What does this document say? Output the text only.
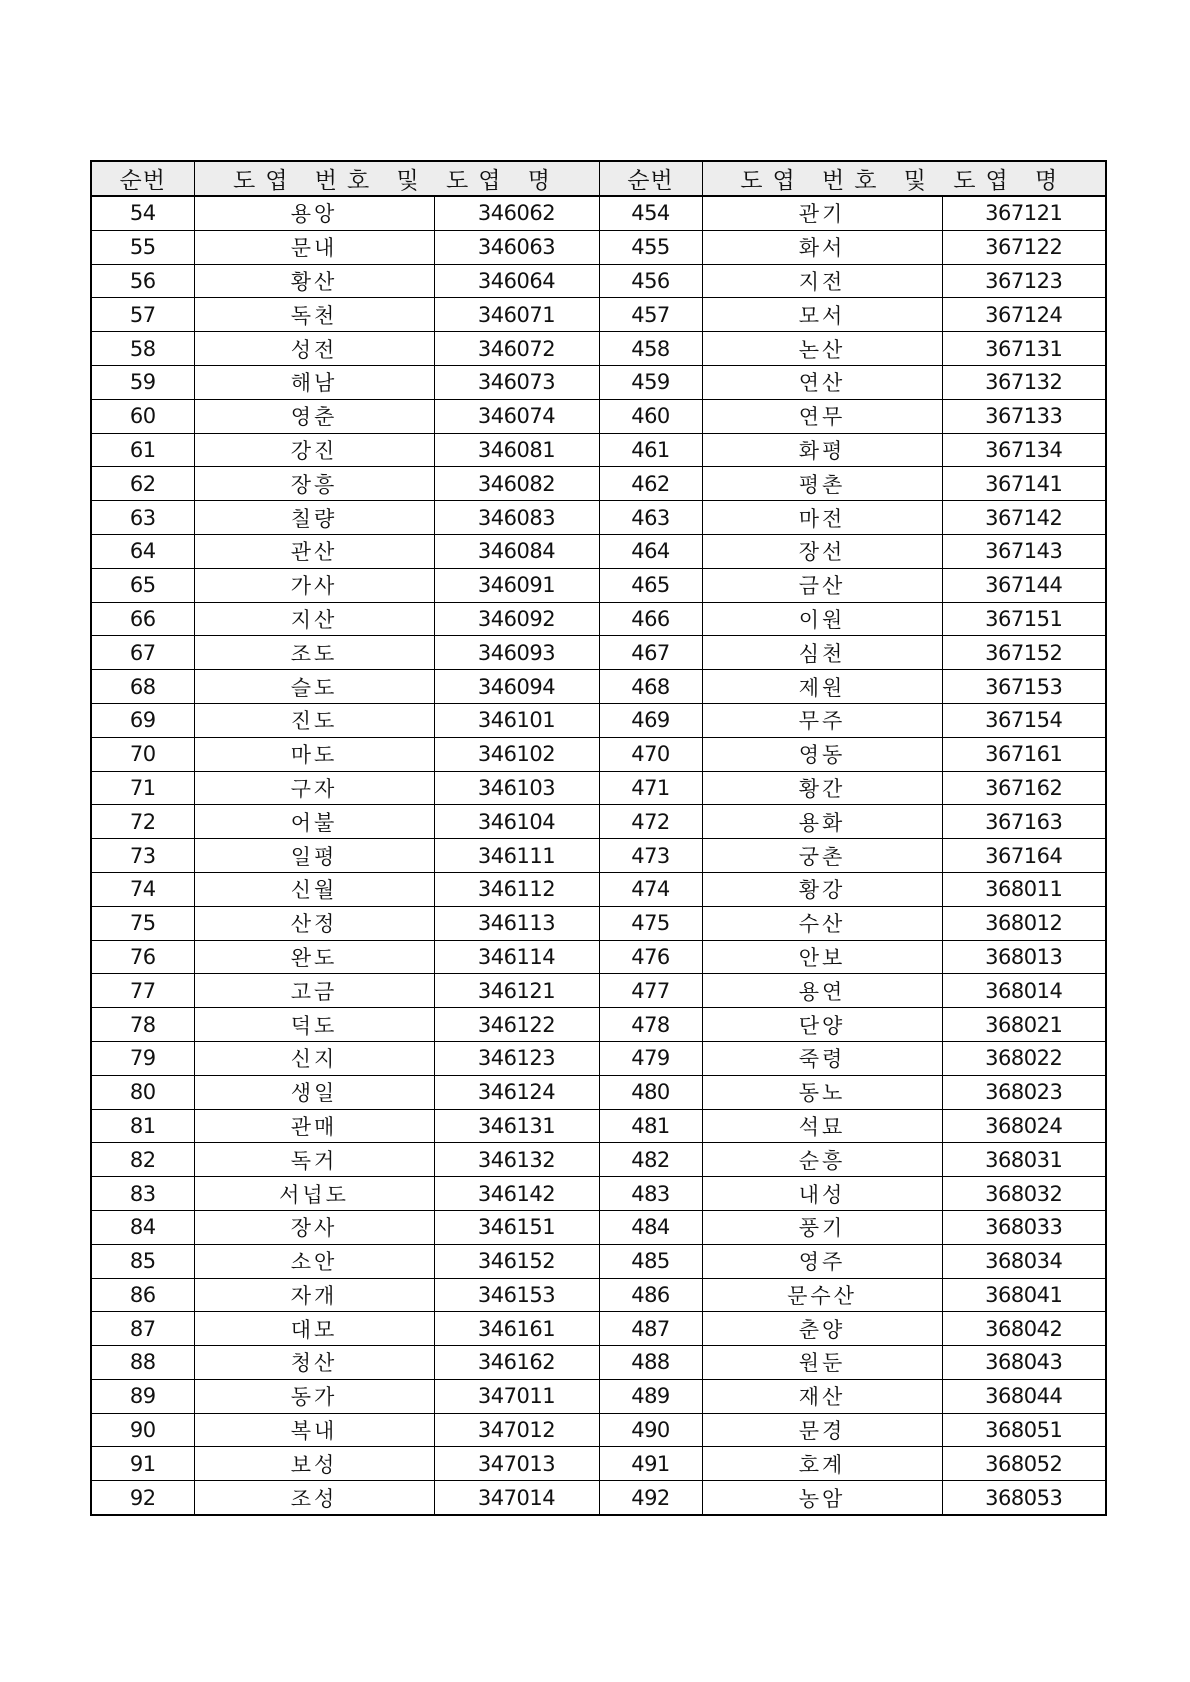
순번	도엽 번호 및 도엽 명		순번	도엽 번호 및 도엽 명	
54	용앙	346062	454	관기	367121
55	문내	346063	455	화서	367122
56	황산	346064	456	지전	367123
57	독천	346071	457	모서	367124
58	성전	346072	458	논산	367131
59	해남	346073	459	연산	367132
60	영춘	346074	460	연무	367133
61	강진	346081	461	화평	367134
62	장흥	346082	462	평촌	367141
63	칠량	346083	463	마전	367142
64	관산	346084	464	장선	367143
65	가사	346091	465	금산	367144
66	지산	346092	466	이원	367151
67	조도	346093	467	심천	367152
68	슬도	346094	468	제원	367153
69	진도	346101	469	무주	367154
70	마도	346102	470	영동	367161
71	구자	346103	471	황간	367162
72	어불	346104	472	용화	367163
73	일평	346111	473	궁촌	367164
74	신월	346112	474	황강	368011
75	산정	346113	475	수산	368012
76	완도	346114	476	안보	368013
77	고금	346121	477	용연	368014
78	덕도	346122	478	단양	368021
79	신지	346123	479	죽령	368022
80	생일	346124	480	동노	368023
81	관매	346131	481	석묘	368024
82	독거	346132	482	순흥	368031
83	서넙도	346142	483	내성	368032
84	장사	346151	484	풍기	368033
85	소안	346152	485	영주	368034
86	자개	346153	486	문수산	368041
87	대모	346161	487	춘양	368042
88	청산	346162	488	원둔	368043
89	동가	347011	489	재산	368044
90	복내	347012	490	문경	368051
91	보성	347013	491	호계	368052
92	조성	347014	492	농암	368053
